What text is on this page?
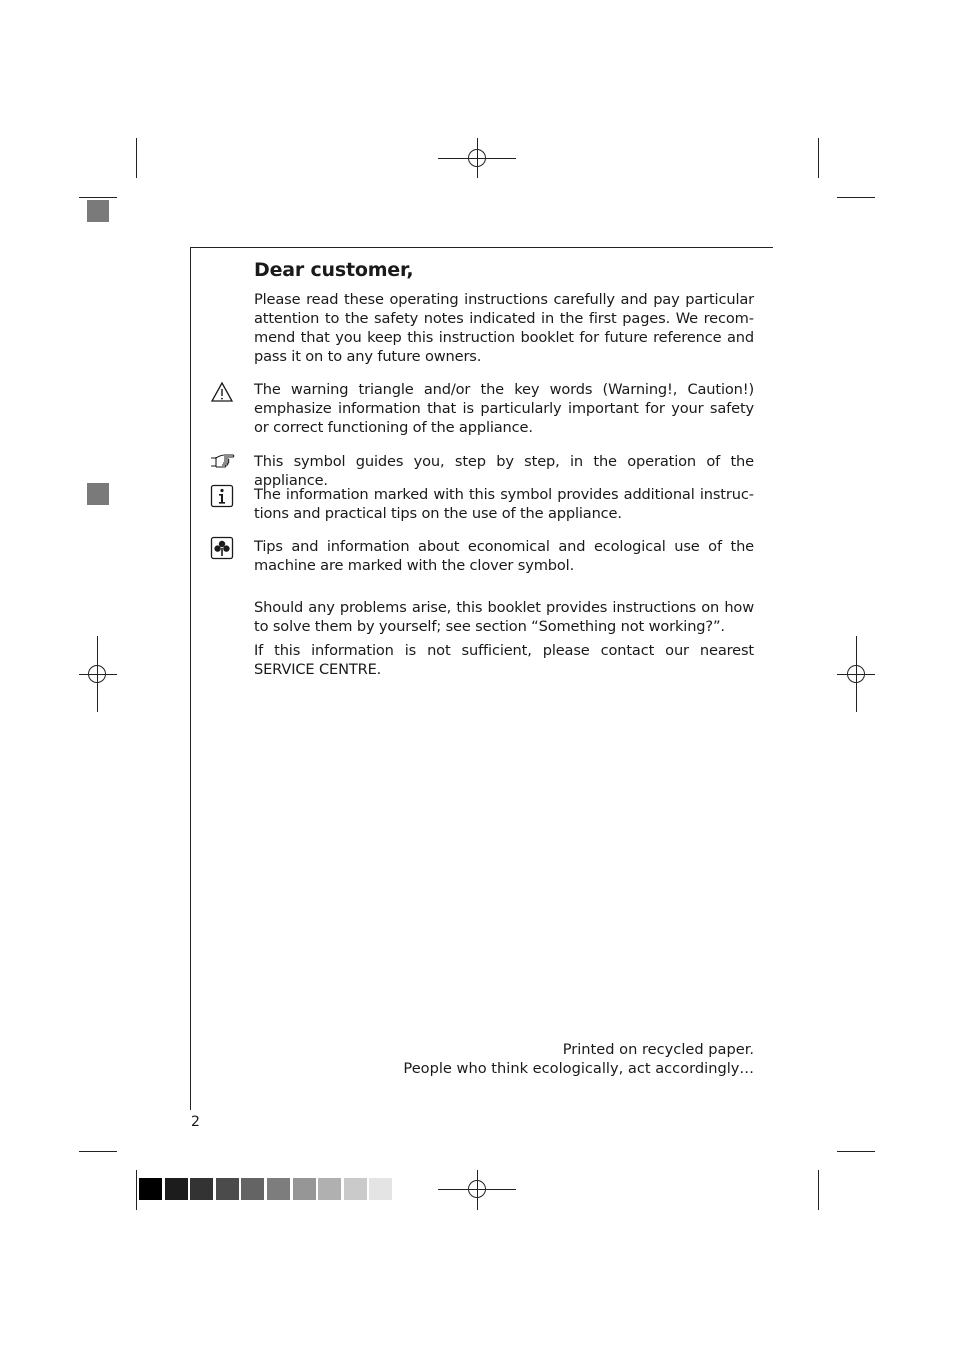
Dear customer,

Please read these operating instructions carefully and pay particular attention to the safety notes indicated in the first pages. We recommend that you keep this instruction booklet for future reference and pass it on to any future owners.

The warning triangle and/or the key words (Warning!, Caution!) emphasize information that is particularly important for your safety or correct functioning of the appliance.

This symbol guides you, step by step, in the operation of the appliance.

The information marked with this symbol provides additional instructions and practical tips on the use of the appliance.

Tips and information about economical and ecological use of the machine are marked with the clover symbol.

Should any problems arise, this booklet provides instructions on how to solve them by yourself; see section “Something not working?”.

If this information is not sufficient, please contact our nearest SERVICE CENTRE.

Printed on recycled paper.
People who think ecologically, act accordingly…
2
